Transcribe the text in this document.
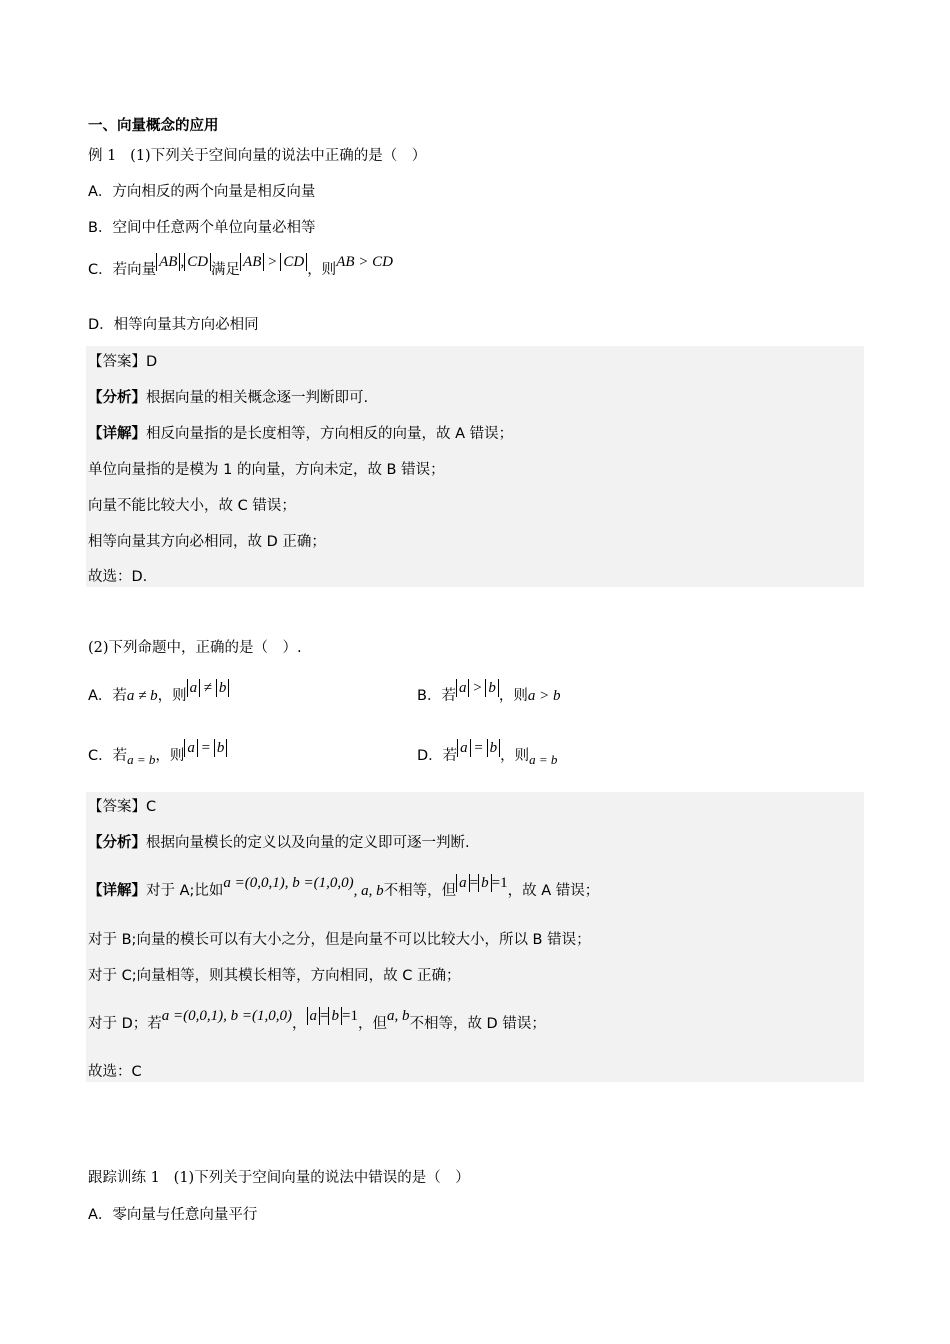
一、向量概念的应用
例 1 (1)下列关于空间向量的说法中正确的是（　）
A．方向相反的两个向量是相反向量
B．空间中任意两个单位向量必相等
C．若向量 AB , CD 满足 AB > CD ，则AB > CD
D．相等向量其方向必相同
【答案】D
【分析】根据向量的相关概念逐一判断即可.
【详解】相反向量指的是长度相等，方向相反的向量，故 A 错误；
单位向量指的是模为 1 的向量，方向未定，故 B 错误；
向量不能比较大小，故 C 错误；
相等向量其方向必相同，故 D 正确；
故选：D.
(2)下列命题中，正确的是（　）.
A．若a ≠ b，则 a ≠ b	B．若 a > b ，则a > b
C．若a = b，则 a = b	D．若 a = b ，则a = b
【答案】C
【分析】根据向量模长的定义以及向量的定义即可逐一判断.
【详解】对于 A;比如a =(0,0,1), b =(1,0,0), a, b不相等，但 a = b =1，故 A 错误；
对于 B;向量的模长可以有大小之分，但是向量不可以比较大小，所以 B 错误；
对于 C;向量相等，则其模长相等，方向相同，故 C 正确；
对于 D；若a =(0,0,1), b =(1,0,0)， a = b =1，但a, b不相等，故 D 错误；
故选：C
跟踪训练 1 (1)下列关于空间向量的说法中错误的是（　）
A．零向量与任意向量平行
